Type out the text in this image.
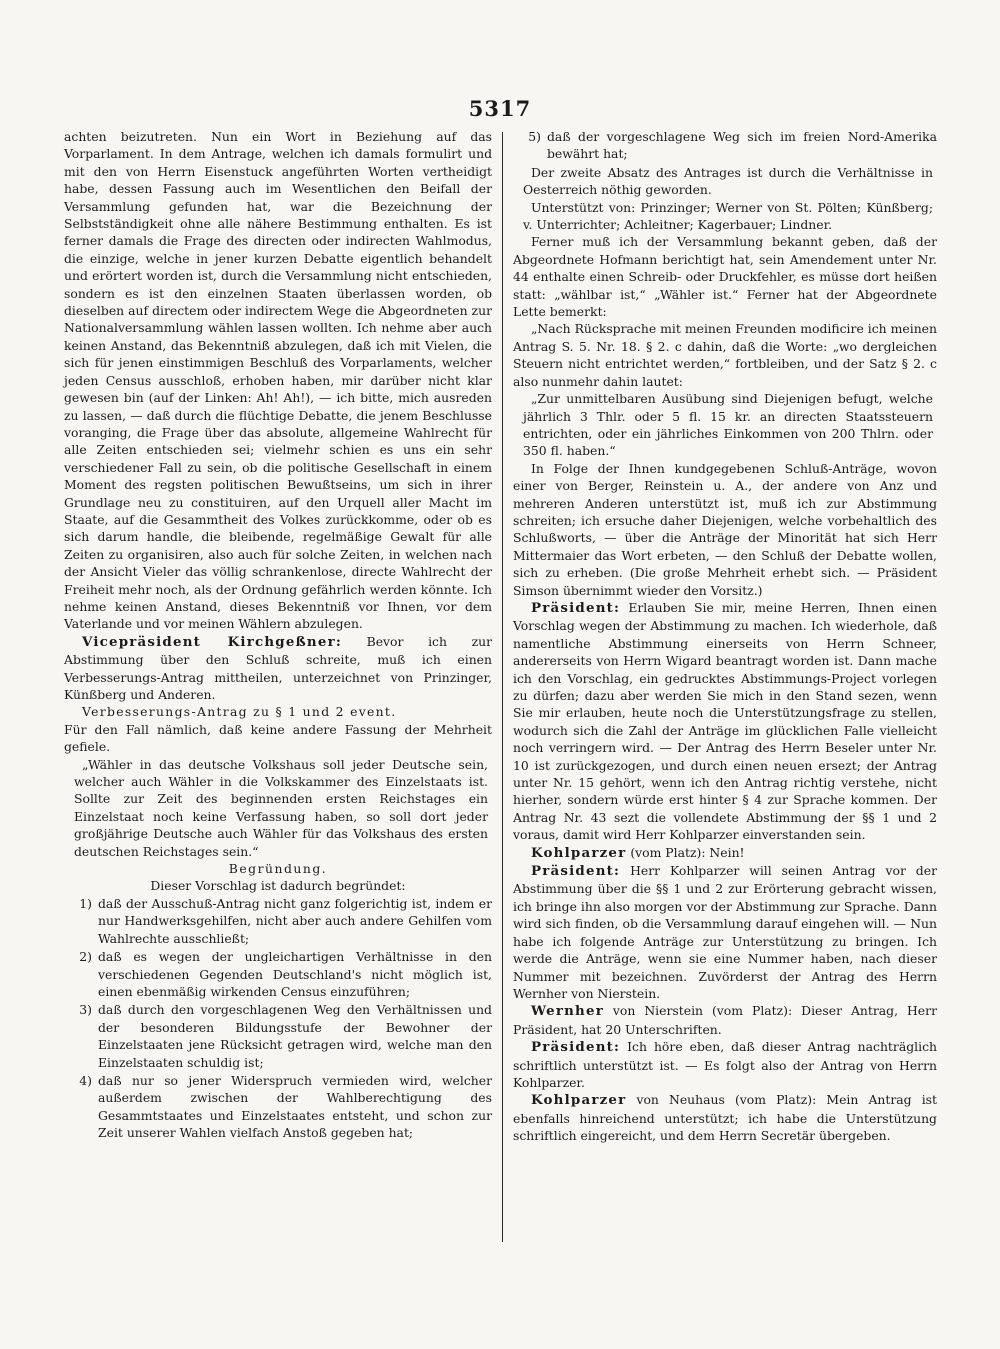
5317

achten beizutreten. Nun ein Wort in Beziehung auf das Vorparlament. In dem Antrage, welchen ich damals formulirt und mit den von Herrn Eisenstuck angeführten Worten vertheidigt habe, dessen Fassung auch im Wesentlichen den Beifall der Versammlung gefunden hat, war die Bezeichnung der Selbstständigkeit ohne alle nähere Bestimmung enthalten. Es ist ferner damals die Frage des directen oder indirecten Wahlmodus, die einzige, welche in jener kurzen Debatte eigentlich behandelt und erörtert worden ist, durch die Versammlung nicht entschieden, sondern es ist den einzelnen Staaten überlassen worden, ob dieselben auf directem oder indirectem Wege die Abgeordneten zur Nationalversammlung wählen lassen wollten. Ich nehme aber auch keinen Anstand, das Bekenntniß abzulegen, daß ich mit Vielen, die sich für jenen einstimmigen Beschluß des Vorparlaments, welcher jeden Census ausschloß, erhoben haben, mir darüber nicht klar gewesen bin (auf der Linken: Ah! Ah!), — ich bitte, mich ausreden zu lassen, — daß durch die flüchtige Debatte, die jenem Beschlusse voranging, die Frage über das absolute, allgemeine Wahlrecht für alle Zeiten entschieden sei; vielmehr schien es uns ein sehr verschiedener Fall zu sein, ob die politische Gesellschaft in einem Moment des regsten politischen Bewußtseins, um sich in ihrer Grundlage neu zu constituiren, auf den Urquell aller Macht im Staate, auf die Gesammtheit des Volkes zurückkomme, oder ob es sich darum handle, die bleibende, regelmäßige Gewalt für alle Zeiten zu organisiren, also auch für solche Zeiten, in welchen nach der Ansicht Vieler das völlig schrankenlose, directe Wahlrecht der Freiheit mehr noch, als der Ordnung gefährlich werden könnte. Ich nehme keinen Anstand, dieses Bekenntniß vor Ihnen, vor dem Vaterlande und vor meinen Wählern abzulegen.

Vicepräsident Kirchgeßner: Bevor ich zur Abstimmung über den Schluß schreite, muß ich einen Verbesserungs-Antrag mittheilen, unterzeichnet von Prinzinger, Künßberg und Anderen.

Verbesserungs-Antrag zu § 1 und 2 event.

Für den Fall nämlich, daß keine andere Fassung der Mehrheit gefiele.

„Wähler in das deutsche Volkshaus soll jeder Deutsche sein, welcher auch Wähler in die Volkskammer des Einzelstaats ist. Sollte zur Zeit des beginnenden ersten Reichstages ein Einzelstaat noch keine Verfassung haben, so soll dort jeder großjährige Deutsche auch Wähler für das Volkshaus des ersten deutschen Reichstages sein.“

Begründung.

Dieser Vorschlag ist dadurch begründet:

1) daß der Ausschuß-Antrag nicht ganz folgerichtig ist, indem er nur Handwerksgehilfen, nicht aber auch andere Gehilfen vom Wahlrechte ausschließt;
2) daß es wegen der ungleichartigen Verhältnisse in den verschiedenen Gegenden Deutschland's nicht möglich ist, einen ebenmäßig wirkenden Census einzuführen;
3) daß durch den vorgeschlagenen Weg den Verhältnissen und der besonderen Bildungsstufe der Bewohner der Einzelstaaten jene Rücksicht getragen wird, welche man den Einzelstaaten schuldig ist;
4) daß nur so jener Widerspruch vermieden wird, welcher außerdem zwischen der Wahlberechtigung des Gesammtstaates und Einzelstaates entsteht, und schon zur Zeit unserer Wahlen vielfach Anstoß gegeben hat;
5) daß der vorgeschlagene Weg sich im freien Nord-Amerika bewährt hat;

Der zweite Absatz des Antrages ist durch die Verhältnisse in Oesterreich nöthig geworden.

Unterstützt von: Prinzinger; Werner von St. Pölten; Künßberg; v. Unterrichter; Achleitner; Kagerbauer; Lindner.

Ferner muß ich der Versammlung bekannt geben, daß der Abgeordnete Hofmann berichtigt hat, sein Amendement unter Nr. 44 enthalte einen Schreib- oder Druckfehler, es müsse dort heißen statt: „wählbar ist,“ „Wähler ist.“ Ferner hat der Abgeordnete Lette bemerkt:

„Nach Rücksprache mit meinen Freunden modificire ich meinen Antrag S. 5. Nr. 18. § 2. c dahin, daß die Worte: „wo dergleichen Steuern nicht entrichtet werden,“ fortbleiben, und der Satz § 2. c also nunmehr dahin lautet:

„Zur unmittelbaren Ausübung sind Diejenigen befugt, welche jährlich 3 Thlr. oder 5 fl. 15 kr. an directen Staatssteuern entrichten, oder ein jährliches Einkommen von 200 Thlrn. oder 350 fl. haben.“

In Folge der Ihnen kundgegebenen Schluß-Anträge, wovon einer von Berger, Reinstein u. A., der andere von Anz und mehreren Anderen unterstützt ist, muß ich zur Abstimmung schreiten; ich ersuche daher Diejenigen, welche vorbehaltlich des Schlußworts, — über die Anträge der Minorität hat sich Herr Mittermaier das Wort erbeten, — den Schluß der Debatte wollen, sich zu erheben. (Die große Mehrheit erhebt sich. — Präsident Simson übernimmt wieder den Vorsitz.)

Präsident: Erlauben Sie mir, meine Herren, Ihnen einen Vorschlag wegen der Abstimmung zu machen. Ich wiederhole, daß namentliche Abstimmung einerseits von Herrn Schneer, andererseits von Herrn Wigard beantragt worden ist. Dann mache ich den Vorschlag, ein gedrucktes Abstimmungs-Project vorlegen zu dürfen; dazu aber werden Sie mich in den Stand sezen, wenn Sie mir erlauben, heute noch die Unterstützungsfrage zu stellen, wodurch sich die Zahl der Anträge im glücklichen Falle vielleicht noch verringern wird. — Der Antrag des Herrn Beseler unter Nr. 10 ist zurückgezogen, und durch einen neuen ersezt; der Antrag unter Nr. 15 gehört, wenn ich den Antrag richtig verstehe, nicht hierher, sondern würde erst hinter § 4 zur Sprache kommen. Der Antrag Nr. 43 sezt die vollendete Abstimmung der §§ 1 und 2 voraus, damit wird Herr Kohlparzer einverstanden sein.

Kohlparzer (vom Platz): Nein!

Präsident: Herr Kohlparzer will seinen Antrag vor der Abstimmung über die §§ 1 und 2 zur Erörterung gebracht wissen, ich bringe ihn also morgen vor der Abstimmung zur Sprache. Dann wird sich finden, ob die Versammlung darauf eingehen will. — Nun habe ich folgende Anträge zur Unterstützung zu bringen. Ich werde die Anträge, wenn sie eine Nummer haben, nach dieser Nummer mit bezeichnen. Zuvörderst der Antrag des Herrn Wernher von Nierstein.

Wernher von Nierstein (vom Platz): Dieser Antrag, Herr Präsident, hat 20 Unterschriften.

Präsident: Ich höre eben, daß dieser Antrag nachträglich schriftlich unterstützt ist. — Es folgt also der Antrag von Herrn Kohlparzer.

Kohlparzer von Neuhaus (vom Platz): Mein Antrag ist ebenfalls hinreichend unterstützt; ich habe die Unterstützung schriftlich eingereicht, und dem Herrn Secretär übergeben.
